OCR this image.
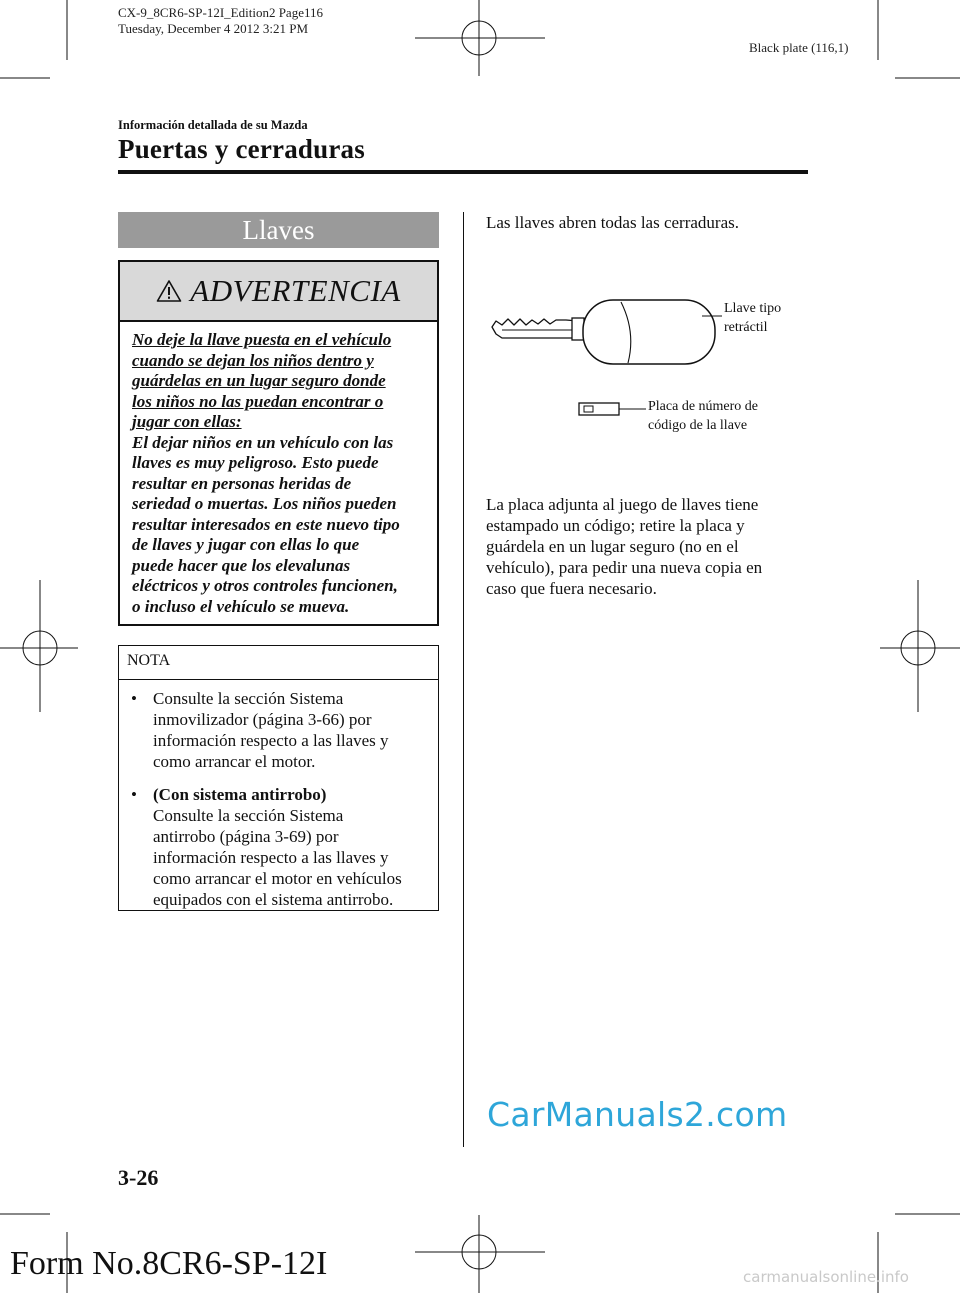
CX-9_8CR6-SP-12I_Edition2 Page116
Tuesday, December 4 2012 3:21 PM
Black plate (116,1)
Información detallada de su Mazda
Puertas y cerraduras
Llaves
ADVERTENCIA
No deje la llave puesta en el vehículo
cuando se dejan los niños dentro y
guárdelas en un lugar seguro donde
los niños no las puedan encontrar o
jugar con ellas:
El dejar niños en un vehículo con las
llaves es muy peligroso. Esto puede
resultar en personas heridas de
seriedad o muertas. Los niños pueden
resultar interesados en este nuevo tipo
de llaves y jugar con ellas lo que
puede hacer que los elevalunas
eléctricos y otros controles funcionen,
o incluso el vehículo se mueva.
NOTA
• Consulte la sección Sistema
inmovilizador (página 3-66) por
información respecto a las llaves y
como arrancar el motor.
• (Con sistema antirrobo)
Consulte la sección Sistema
antirrobo (página 3-69) por
información respecto a las llaves y
como arrancar el motor en vehículos
equipados con el sistema antirrobo.
Las llaves abren todas las cerraduras.
Llave tipo
retráctil
Placa de número de
código de la llave
La placa adjunta al juego de llaves tiene
estampado un código; retire la placa y
guárdela en un lugar seguro (no en el
vehículo), para pedir una nueva copia en
caso que fuera necesario.
CarManuals2.com
3-26
Form No.8CR6-SP-12I	carmanualsonline.info
